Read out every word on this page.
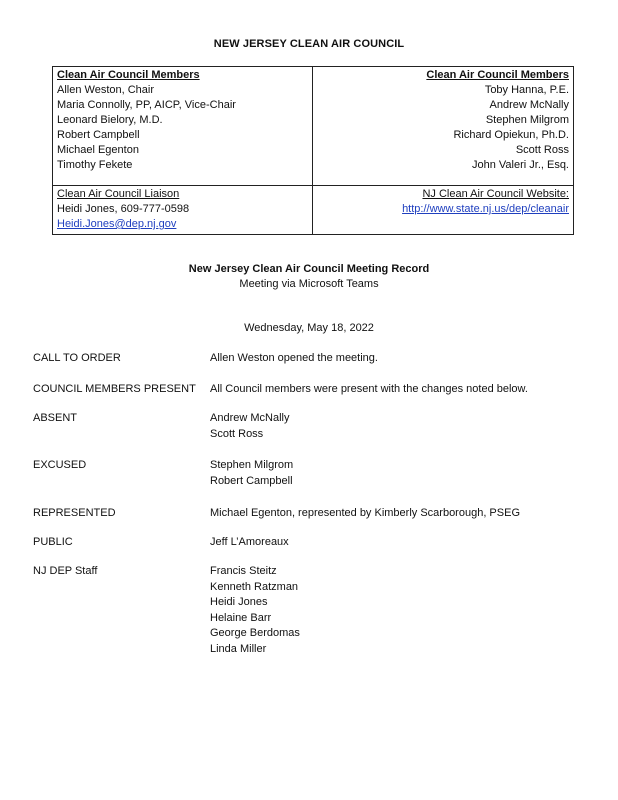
NEW JERSEY CLEAN AIR COUNCIL
Clean Air Council Members
Allen Weston, Chair
Maria Connolly, PP, AICP, Vice-Chair
Leonard Bielory, M.D.
Robert Campbell
Michael Egenton
Timothy Fekete
Clean Air Council Members
Toby Hanna, P.E.
Andrew McNally
Stephen Milgrom
Richard Opiekun, Ph.D.
Scott Ross
John Valeri Jr., Esq.
Clean Air Council Liaison
Heidi Jones, 609-777-0598
Heidi.Jones@dep.nj.gov
NJ Clean Air Council Website:
http://www.state.nj.us/dep/cleanair
New Jersey Clean Air Council Meeting Record
Meeting via Microsoft Teams
Wednesday, May 18, 2022
CALL TO ORDER	Allen Weston opened the meeting.
COUNCIL MEMBERS PRESENT	All Council members were present with the changes noted below.
ABSENT	Andrew McNally
Scott Ross
EXCUSED	Stephen Milgrom
Robert Campbell
REPRESENTED	Michael Egenton, represented by Kimberly Scarborough, PSEG
PUBLIC	Jeff L’Amoreaux
NJ DEP Staff	Francis Steitz
Kenneth Ratzman
Heidi Jones
Helaine Barr
George Berdomas
Linda Miller
